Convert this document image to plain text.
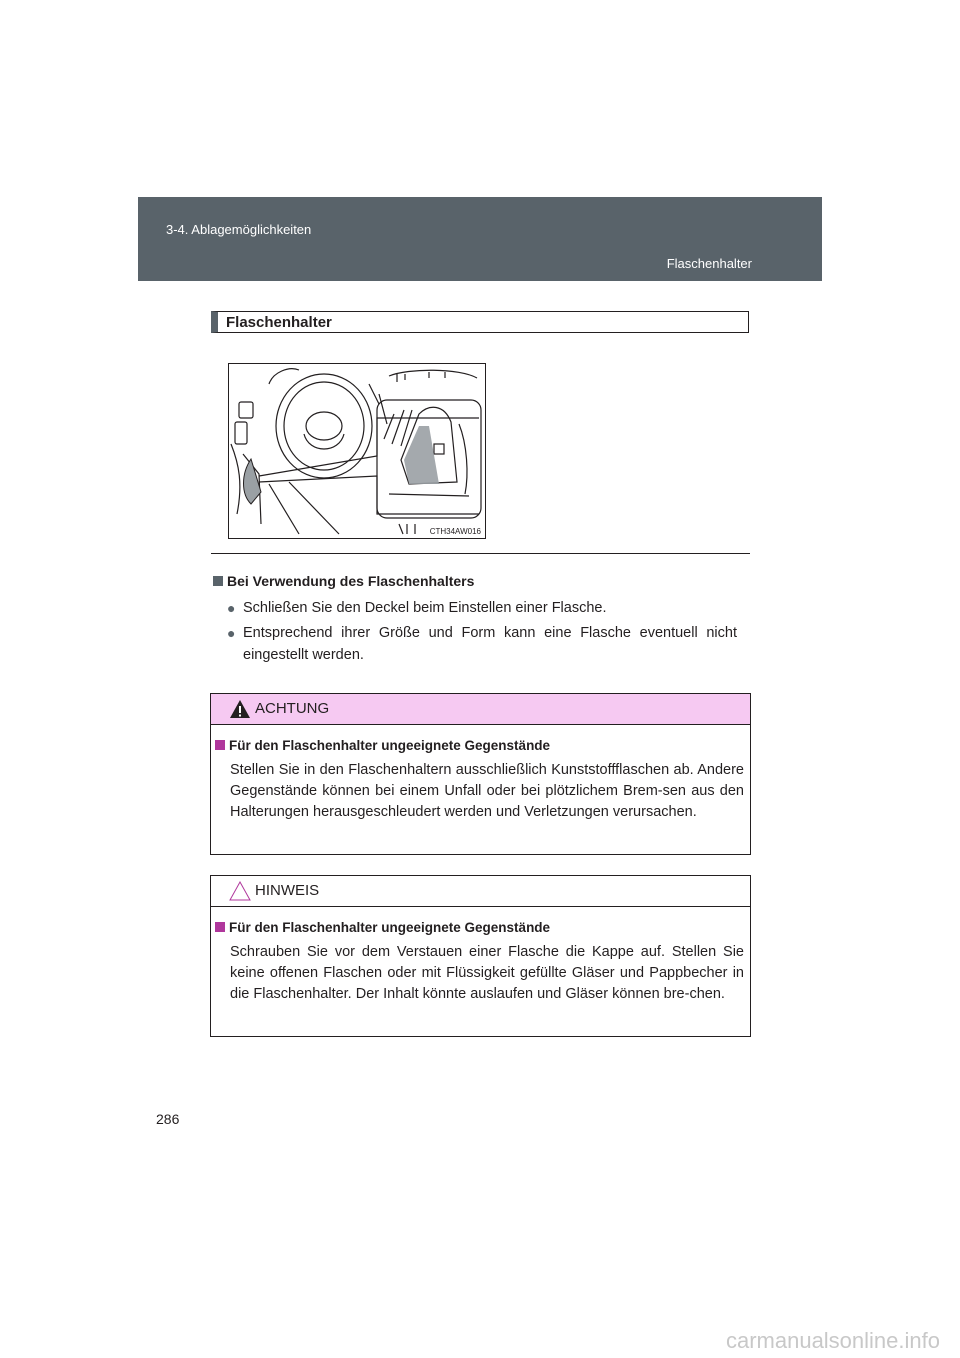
3-4. Ablagemöglichkeiten
Flaschenhalter
Flaschenhalter
CTH34AW016
Bei Verwendung des Flaschenhalters
● Schließen Sie den Deckel beim Einstellen einer Flasche.
● Entsprechend ihrer Größe und Form kann eine Flasche eventuell nicht eingestellt werden.
ACHTUNG
Für den Flaschenhalter ungeeignete Gegenstände
Stellen Sie in den Flaschenhaltern ausschließlich Kunststoffflaschen ab. Andere Gegenstände können bei einem Unfall oder bei plötzlichem Brem-sen aus den Halterungen herausgeschleudert werden und Verletzungen verursachen.
HINWEIS
Für den Flaschenhalter ungeeignete Gegenstände
Schrauben Sie vor dem Verstauen einer Flasche die Kappe auf. Stellen Sie keine offenen Flaschen oder mit Flüssigkeit gefüllte Gläser und Pappbecher in die Flaschenhalter. Der Inhalt könnte auslaufen und Gläser können bre-chen.
286
carmanualsonline.info
